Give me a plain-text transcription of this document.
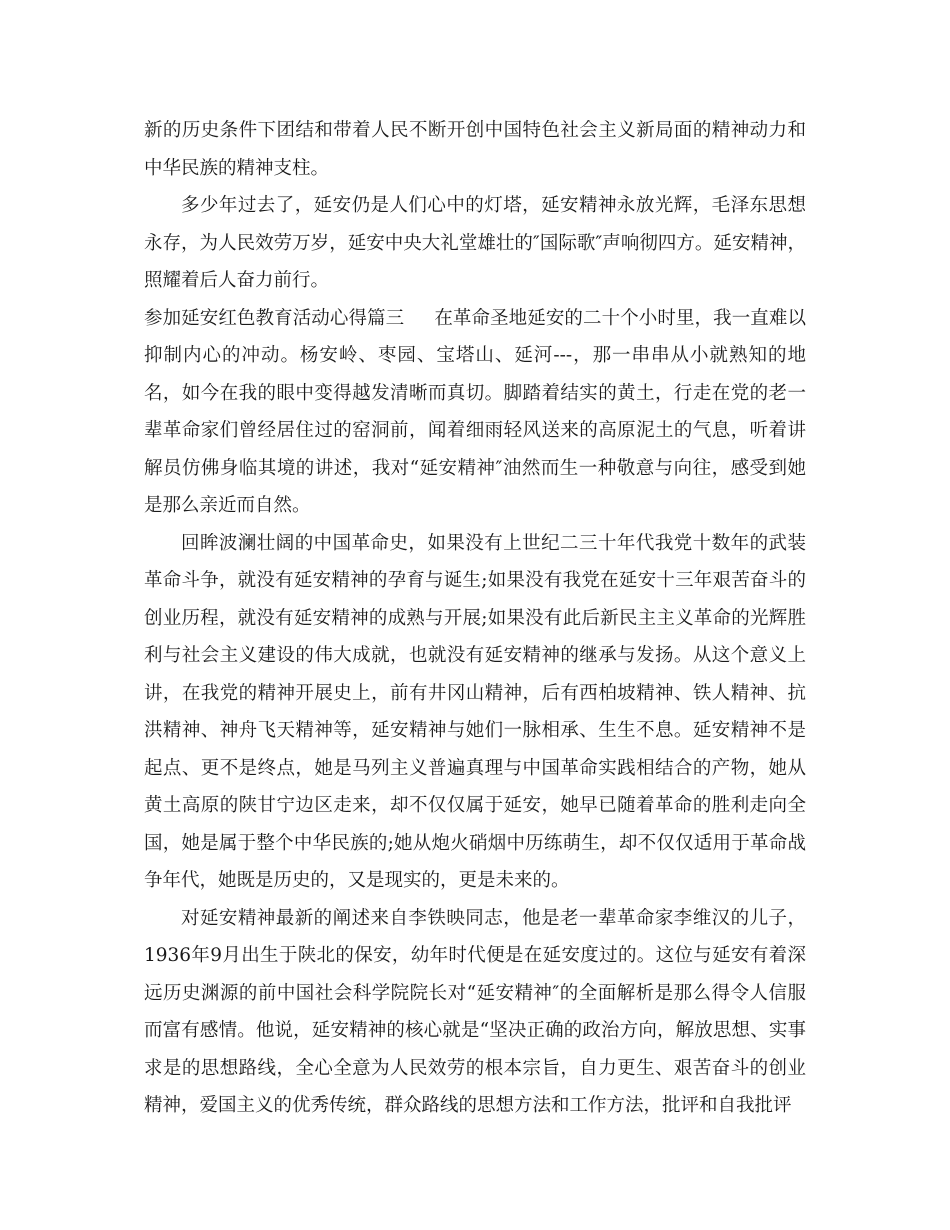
新的历史条件下团结和带着人民不断开创中国特色社会主义新局面的精神动力和中华民族的精神支柱。

多少年过去了，延安仍是人们心中的灯塔，延安精神永放光辉，毛泽东思想永存，为人民效劳万岁，延安中央大礼堂雄壮的″国际歌″声响彻四方。延安精神，照耀着后人奋力前行。

参加延安红色教育活动心得篇三 在革命圣地延安的二十个小时里，我一直难以抑制内心的冲动。杨安岭、枣园、宝塔山、延河---，那一串串从小就熟知的地名，如今在我的眼中变得越发清晰而真切。脚踏着结实的黄土，行走在党的老一辈革命家们曾经居住过的窑洞前，闻着细雨轻风送来的高原泥土的气息，听着讲解员仿佛身临其境的讲述，我对“延安精神″油然而生一种敬意与向往，感受到她是那么亲近而自然。

回眸波澜壮阔的中国革命史，如果没有上世纪二三十年代我党十数年的武装革命斗争，就没有延安精神的孕育与诞生;如果没有我党在延安十三年艰苦奋斗的创业历程，就没有延安精神的成熟与开展;如果没有此后新民主主义革命的光辉胜利与社会主义建设的伟大成就，也就没有延安精神的继承与发扬。从这个意义上讲，在我党的精神开展史上，前有井冈山精神，后有西柏坡精神、铁人精神、抗洪精神、神舟飞天精神等，延安精神与她们一脉相承、生生不息。延安精神不是起点、更不是终点，她是马列主义普遍真理与中国革命实践相结合的产物，她从黄土高原的陕甘宁边区走来，却不仅仅属于延安，她早已随着革命的胜利走向全国，她是属于整个中华民族的;她从炮火硝烟中历练萌生，却不仅仅适用于革命战争年代，她既是历史的，又是现实的，更是未来的。

对延安精神最新的阐述来自李铁映同志，他是老一辈革命家李维汉的儿子，1936年9月出生于陕北的保安，幼年时代便是在延安度过的。这位与延安有着深远历史渊源的前中国社会科学院院长对“延安精神″的全面解析是那么得令人信服而富有感情。他说，延安精神的核心就是“坚决正确的政治方向，解放思想、实事求是的思想路线，全心全意为人民效劳的根本宗旨，自力更生、艰苦奋斗的创业精神，爱国主义的优秀传统，群众路线的思想方法和工作方法，批评和自我批评
